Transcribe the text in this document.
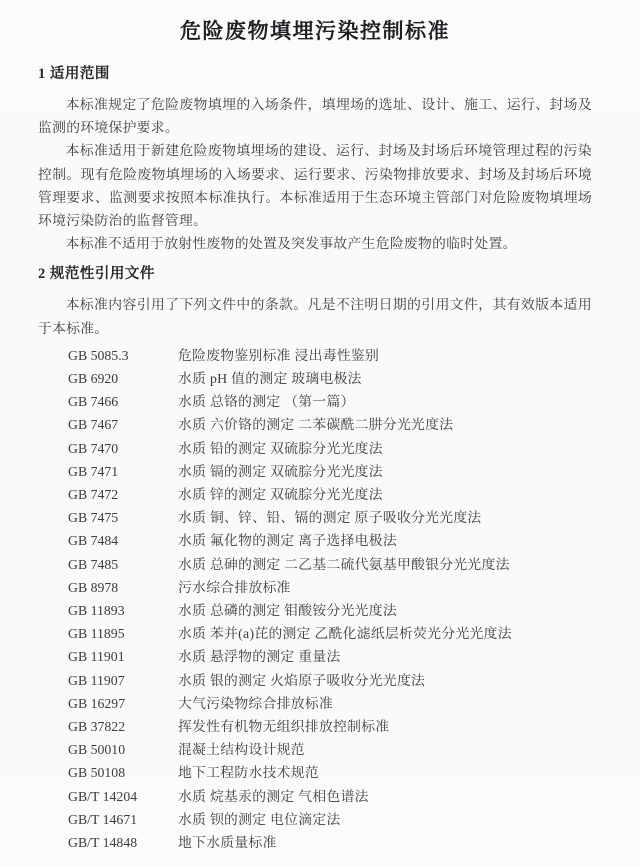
危险废物填埋污染控制标准
1 适用范围

本标准规定了危险废物填埋的入场条件，填埋场的选址、设计、施工、运行、封场及监测的环境保护要求。

本标准适用于新建危险废物填埋场的建设、运行、封场及封场后环境管理过程的污染控制。现有危险废物填埋场的入场要求、运行要求、污染物排放要求、封场及封场后环境管理要求、监测要求按照本标准执行。本标准适用于生态环境主管部门对危险废物填埋场环境污染防治的监督管理。

本标准不适用于放射性废物的处置及突发事故产生危险废物的临时处置。

2 规范性引用文件

本标准内容引用了下列文件中的条款。凡是不注明日期的引用文件，其有效版本适用于本标准。

GB 5085.3	危险废物鉴别标准 浸出毒性鉴别
GB 6920	水质 pH 值的测定 玻璃电极法
GB 7466	水质 总铬的测定 （第一篇）
GB 7467	水质 六价铬的测定 二苯碳酰二肼分光光度法
GB 7470	水质 铅的测定 双硫腙分光光度法
GB 7471	水质 镉的测定 双硫腙分光光度法
GB 7472	水质 锌的测定 双硫腙分光光度法
GB 7475	水质 铜、锌、铅、镉的测定 原子吸收分光光度法
GB 7484	水质 氟化物的测定 离子选择电极法
GB 7485	水质 总砷的测定 二乙基二硫代氨基甲酸银分光光度法
GB 8978	污水综合排放标准
GB 11893	水质 总磷的测定 钼酸铵分光光度法
GB 11895	水质 苯并(a)芘的测定 乙酰化滤纸层析荧光分光光度法
GB 11901	水质 悬浮物的测定 重量法
GB 11907	水质 银的测定 火焰原子吸收分光光度法
GB 16297	大气污染物综合排放标准
GB 37822	挥发性有机物无组织排放控制标准
GB 50010	混凝土结构设计规范
GB 50108	地下工程防水技术规范
GB/T 14204	水质 烷基汞的测定 气相色谱法
GB/T 14671	水质 钡的测定 电位滴定法
GB/T 14848	地下水质量标准
